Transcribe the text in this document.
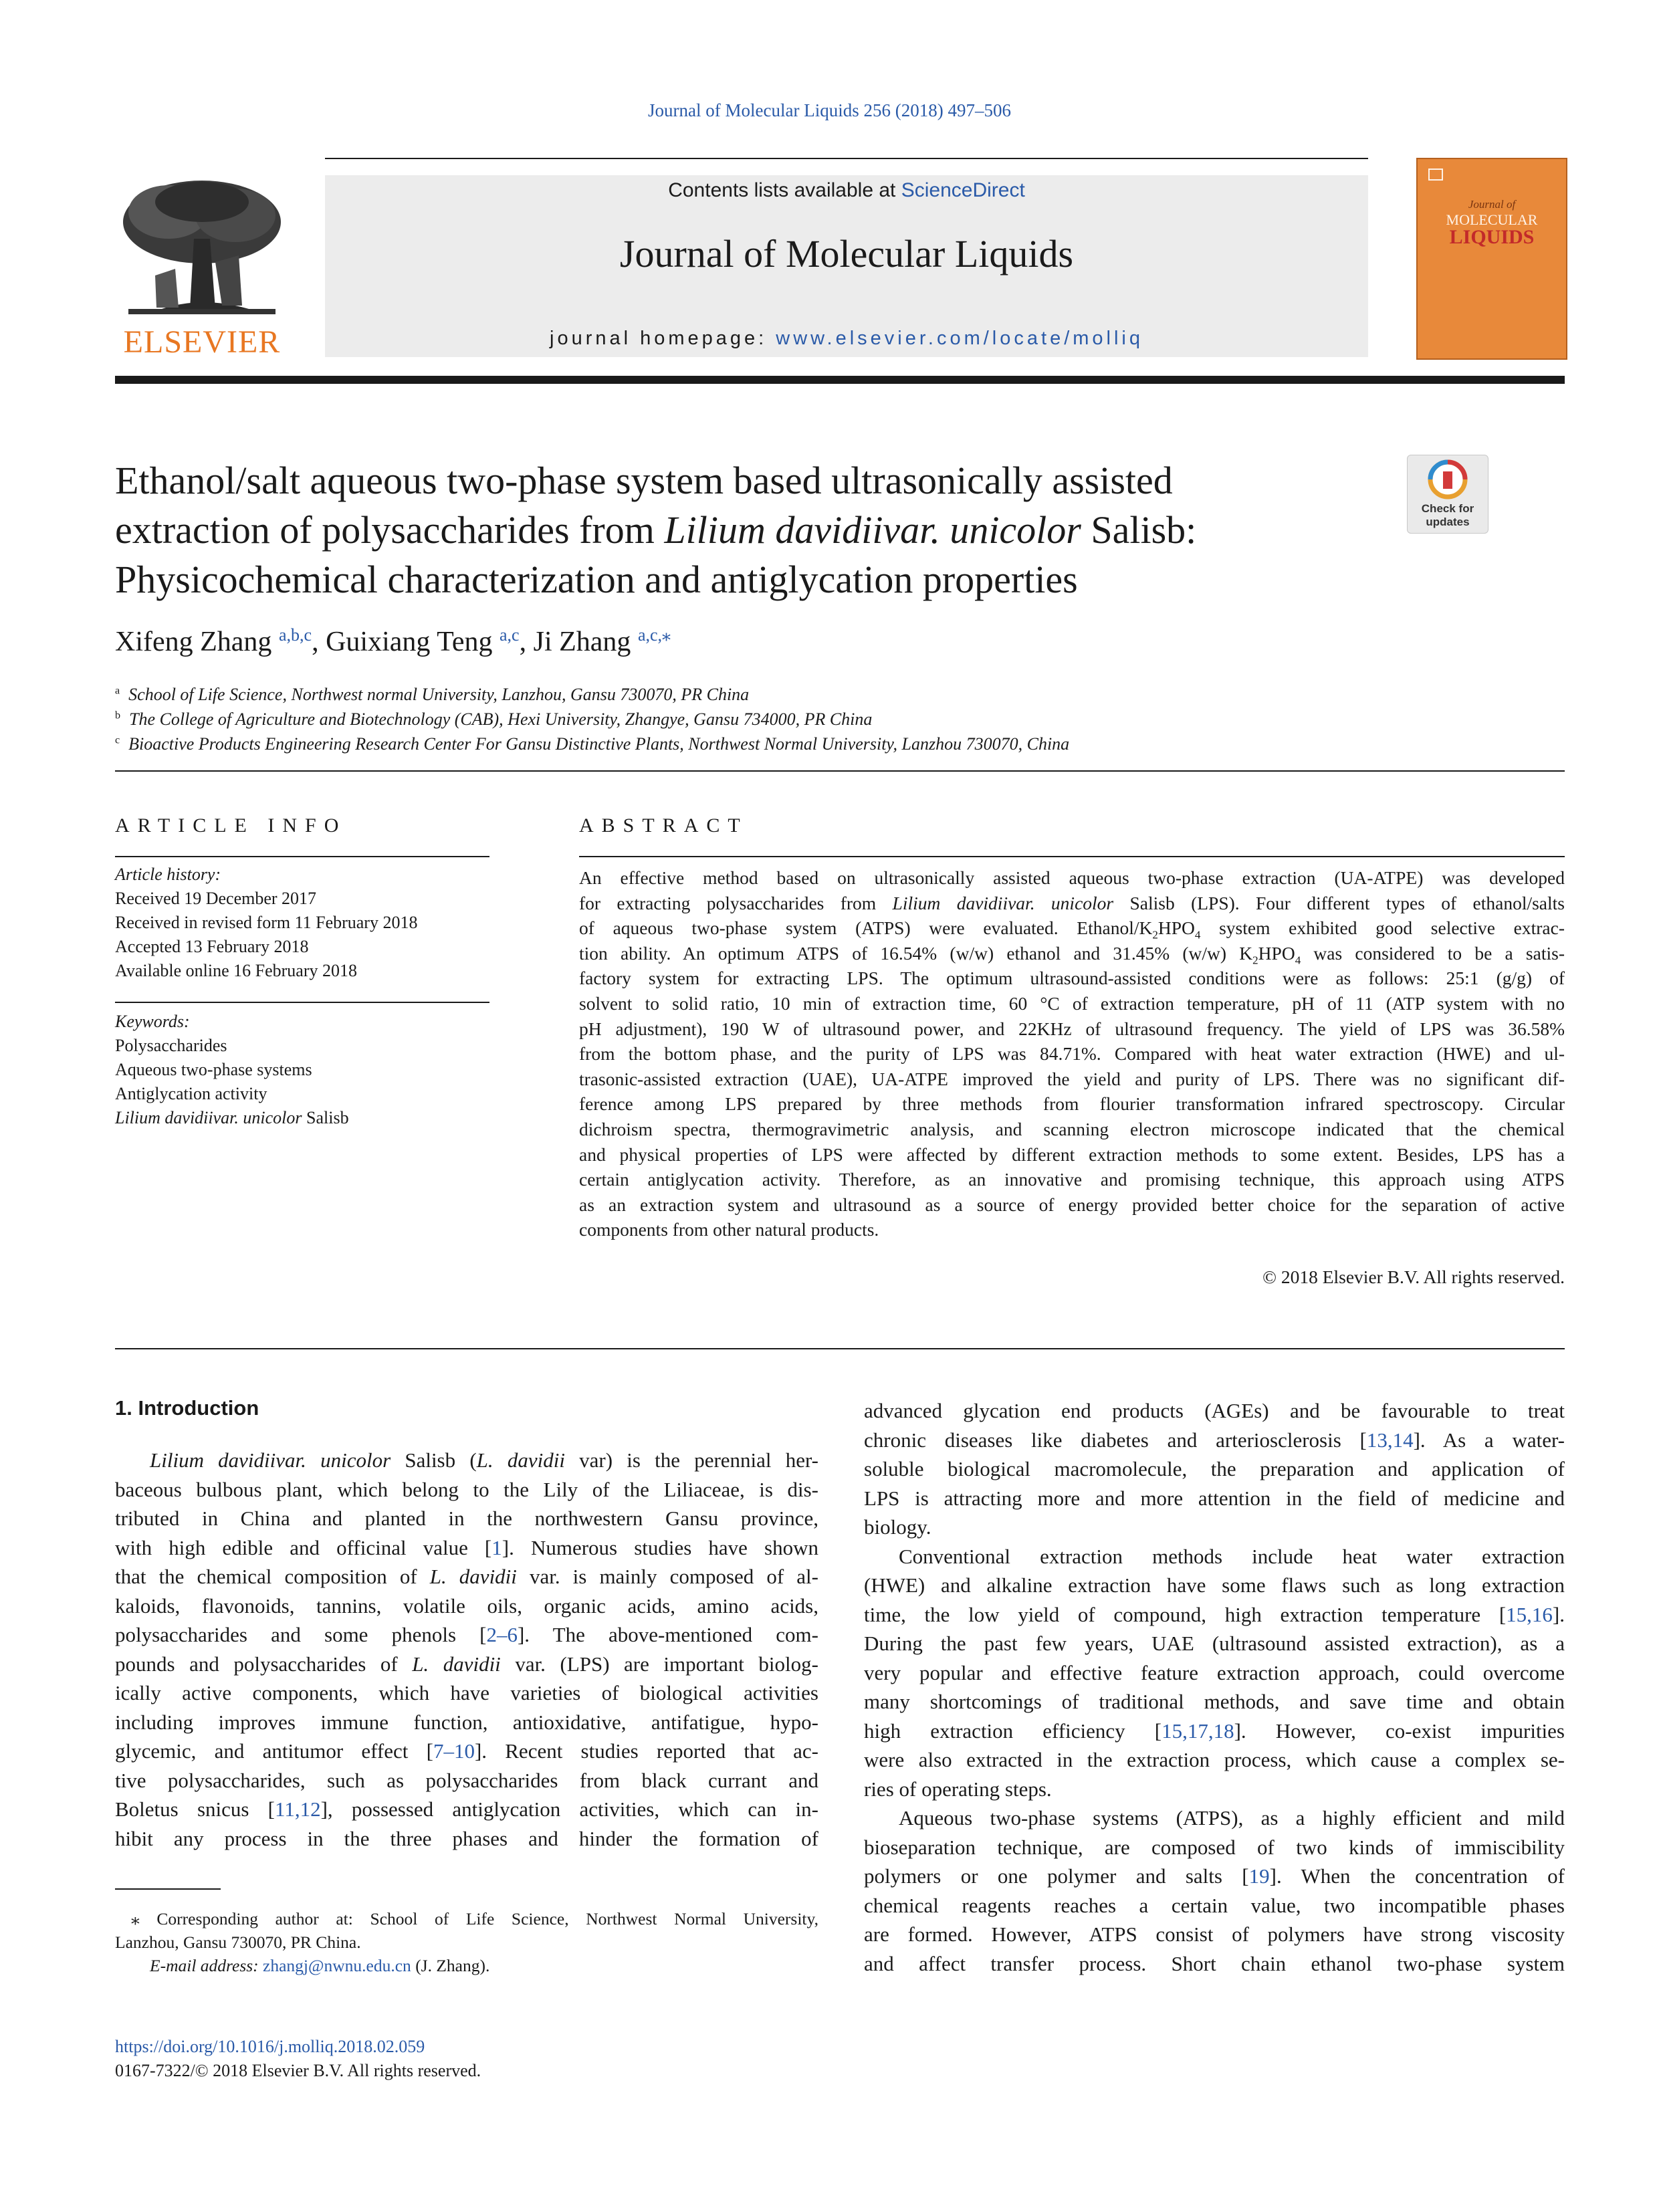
Journal of Molecular Liquids 256 (2018) 497–506
ELSEVIER
Contents lists available at ScienceDirect
Journal of Molecular Liquids
journal homepage: www.elsevier.com/locate/molliq
Journal of
MOLECULAR
LIQUIDS
Ethanol/salt aqueous two-phase system based ultrasonically assisted
extraction of polysaccharides from Lilium davidiivar. unicolor Salisb:
Physicochemical characterization and antiglycation properties
Check for
updates
Xifeng Zhang $^{a,b,c}$, Guixiang Teng $^{a,c}$, Ji Zhang $^{a,c,⁎}$
$^a$ School of Life Science, Northwest normal University, Lanzhou, Gansu 730070, PR China
$^b$ The College of Agriculture and Biotechnology (CAB), Hexi University, Zhangye, Gansu 734000, PR China
$^c$ Bioactive Products Engineering Research Center For Gansu Distinctive Plants, Northwest Normal University, Lanzhou 730070, China
ARTICLE INFO
Article history:
Received 19 December 2017
Received in revised form 11 February 2018
Accepted 13 February 2018
Available online 16 February 2018
Keywords:
Polysaccharides
Aqueous two-phase systems
Antiglycation activity
Lilium davidiivar. unicolor Salisb
ABSTRACT
An effective method based on ultrasonically assisted aqueous two-phase extraction (UA-ATPE) was developed
for extracting polysaccharides from Lilium davidiivar. unicolor Salisb (LPS). Four different types of ethanol/salts
of aqueous two-phase system (ATPS) were evaluated. Ethanol/$K_2HPO_4$ system exhibited good selective extrac-
tion ability. An optimum ATPS of 16.54% (w/w) ethanol and 31.45% (w/w) $K_2HPO_4$ was considered to be a satis-
factory system for extracting LPS. The optimum ultrasound-assisted conditions were as follows: 25:1 (g/g) of
solvent to solid ratio, 10 min of extraction time, 60 °C of extraction temperature, pH of 11 (ATP system with no
pH adjustment), 190 W of ultrasound power, and 22KHz of ultrasound frequency. The yield of LPS was 36.58%
from the bottom phase, and the purity of LPS was 84.71%. Compared with heat water extraction (HWE) and ul-
trasonic-assisted extraction (UAE), UA-ATPE improved the yield and purity of LPS. There was no significant dif-
ference among LPS prepared by three methods from flourier transformation infrared spectroscopy. Circular
dichroism spectra, thermogravimetric analysis, and scanning electron microscope indicated that the chemical
and physical properties of LPS were affected by different extraction methods to some extent. Besides, LPS has a
certain antiglycation activity. Therefore, as an innovative and promising technique, this approach using ATPS
as an extraction system and ultrasound as a source of energy provided better choice for the separation of active
components from other natural products.
© 2018 Elsevier B.V. All rights reserved.
1. Introduction
Lilium davidiivar. unicolor Salisb (L. davidii var) is the perennial her-
baceous bulbous plant, which belong to the Lily of the Liliaceae, is dis-
tributed in China and planted in the northwestern Gansu province,
with high edible and officinal value [1]. Numerous studies have shown
that the chemical composition of L. davidii var. is mainly composed of al-
kaloids, flavonoids, tannins, volatile oils, organic acids, amino acids,
polysaccharides and some phenols [2–6]. The above-mentioned com-
pounds and polysaccharides of L. davidii var. (LPS) are important biolog-
ically active components, which have varieties of biological activities
including improves immune function, antioxidative, antifatigue, hypo-
glycemic, and antitumor effect [7–10]. Recent studies reported that ac-
tive polysaccharides, such as polysaccharides from black currant and
Boletus snicus [11,12], possessed antiglycation activities, which can in-
hibit any process in the three phases and hinder the formation of
advanced glycation end products (AGEs) and be favourable to treat
chronic diseases like diabetes and arteriosclerosis [13,14]. As a water-
soluble biological macromolecule, the preparation and application of
LPS is attracting more and more attention in the field of medicine and
biology.
Conventional extraction methods include heat water extraction
(HWE) and alkaline extraction have some flaws such as long extraction
time, the low yield of compound, high extraction temperature [15,16].
During the past few years, UAE (ultrasound assisted extraction), as a
very popular and effective feature extraction approach, could overcome
many shortcomings of traditional methods, and save time and obtain
high extraction efficiency [15,17,18]. However, co-exist impurities
were also extracted in the extraction process, which cause a complex se-
ries of operating steps.
Aqueous two-phase systems (ATPS), as a highly efficient and mild
bioseparation technique, are composed of two kinds of immiscibility
polymers or one polymer and salts [19]. When the concentration of
chemical reagents reaches a certain value, two incompatible phases
are formed. However, ATPS consist of polymers have strong viscosity
and affect transfer process. Short chain ethanol two-phase system
⁎ Corresponding author at: School of Life Science, Northwest Normal University,
Lanzhou, Gansu 730070, PR China.
E-mail address: zhangj@nwnu.edu.cn (J. Zhang).
https://doi.org/10.1016/j.molliq.2018.02.059
0167-7322/© 2018 Elsevier B.V. All rights reserved.
